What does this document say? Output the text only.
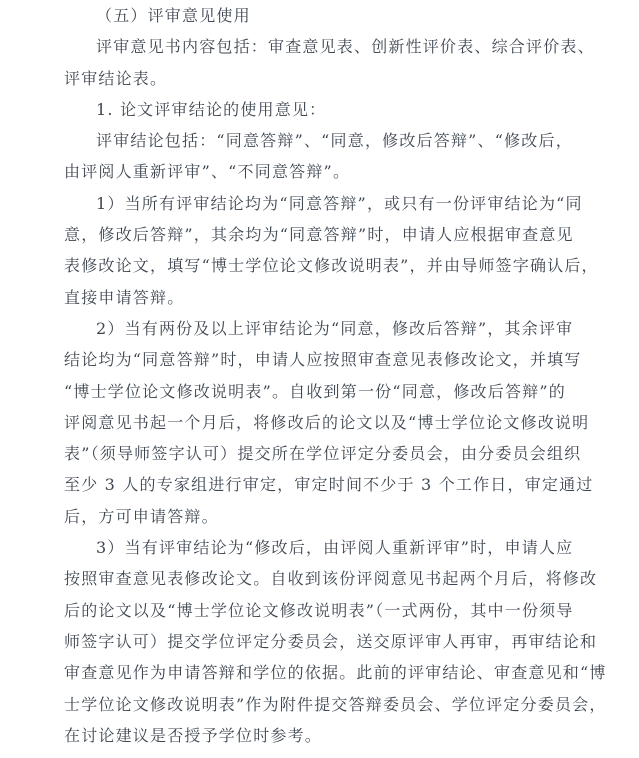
（五）评审意见使用
评审意见书内容包括：审查意见表、创新性评价表、综合评价表、
评审结论表。
1. 论文评审结论的使用意见：
评审结论包括：“同意答辩”、“同意，修改后答辩”、“修改后，
由评阅人重新评审”、“不同意答辩”。
1）当所有评审结论均为“同意答辩”，或只有一份评审结论为“同
意，修改后答辩”，其余均为“同意答辩”时，申请人应根据审查意见
表修改论文，填写“博士学位论文修改说明表”，并由导师签字确认后，
直接申请答辩。
2）当有两份及以上评审结论为“同意，修改后答辩”，其余评审
结论均为“同意答辩”时，申请人应按照审查意见表修改论文，并填写
“博士学位论文修改说明表”。自收到第一份“同意，修改后答辩”的
评阅意见书起一个月后，将修改后的论文以及“博士学位论文修改说明
表”（须导师签字认可）提交所在学位评定分委员会，由分委员会组织
至少 3 人的专家组进行审定，审定时间不少于 3 个工作日，审定通过
后，方可申请答辩。
3）当有评审结论为“修改后，由评阅人重新评审”时，申请人应
按照审查意见表修改论文。自收到该份评阅意见书起两个月后，将修改
后的论文以及“博士学位论文修改说明表”（一式两份，其中一份须导
师签字认可）提交学位评定分委员会，送交原评审人再审，再审结论和
审查意见作为申请答辩和学位的依据。此前的评审结论、审查意见和“博
士学位论文修改说明表”作为附件提交答辩委员会、学位评定分委员会，
在讨论建议是否授予学位时参考。
